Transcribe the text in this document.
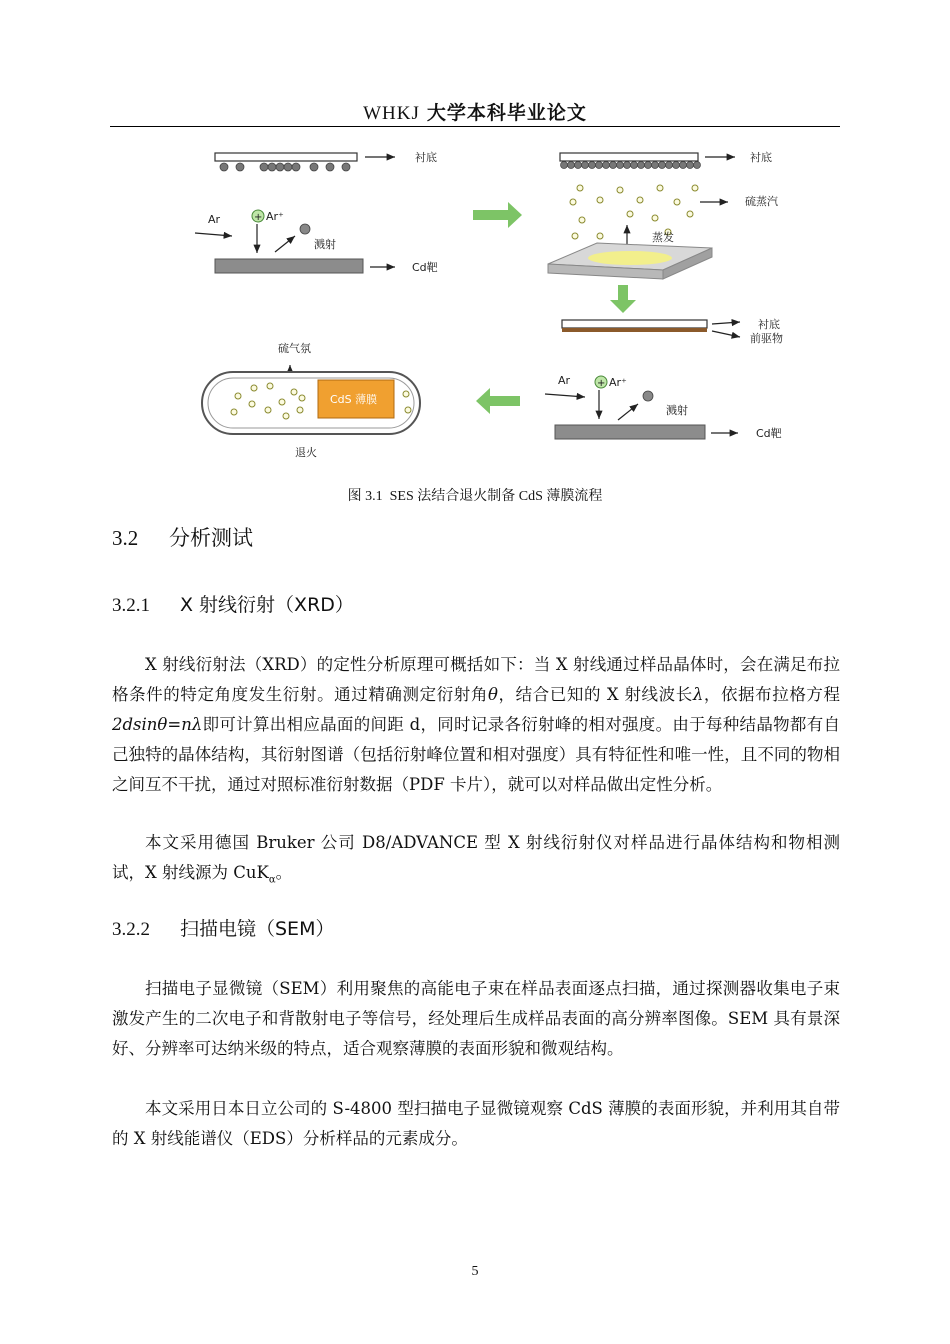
WHKJ 大学本科毕业论文
衬底
Ar	+ Ar⁺
溅射
Cd靶
衬底
硫蒸汽
蒸发
衬底
前驱物
Ar	+ Ar⁺
溅射
Cd靶
硫气氛
CdS 薄膜
退火
图 3.1 SES 法结合退火制备 CdS 薄膜流程
3.2 分析测试
3.2.1 X 射线衍射（XRD）
X 射线衍射法（XRD）的定性分析原理可概括如下：当 X 射线通过样品晶体时，会在满足布拉格条件的特定角度发生衍射。通过精确测定衍射角θ，结合已知的 X 射线波长λ，依据布拉格方程 2dsinθ=nλ即可计算出相应晶面的间距 d，同时记录各衍射峰的相对强度。由于每种结晶物都有自己独特的晶体结构，其衍射图谱（包括衍射峰位置和相对强度）具有特征性和唯一性，且不同的物相之间互不干扰，通过对照标准衍射数据（PDF 卡片），就可以对样品做出定性分析。
本文采用德国 Bruker 公司 D8/ADVANCE 型 X 射线衍射仪对样品进行晶体结构和物相测试，X 射线源为 CuK$_\alpha$。
3.2.2 扫描电镜（SEM）
扫描电子显微镜（SEM）利用聚焦的高能电子束在样品表面逐点扫描，通过探测器收集电子束激发产生的二次电子和背散射电子等信号，经处理后生成样品表面的高分辨率图像。SEM 具有景深好、分辨率可达纳米级的特点，适合观察薄膜的表面形貌和微观结构。
本文采用日本日立公司的 S-4800 型扫描电子显微镜观察 CdS 薄膜的表面形貌，并利用其自带的 X 射线能谱仪（EDS）分析样品的元素成分。
5
